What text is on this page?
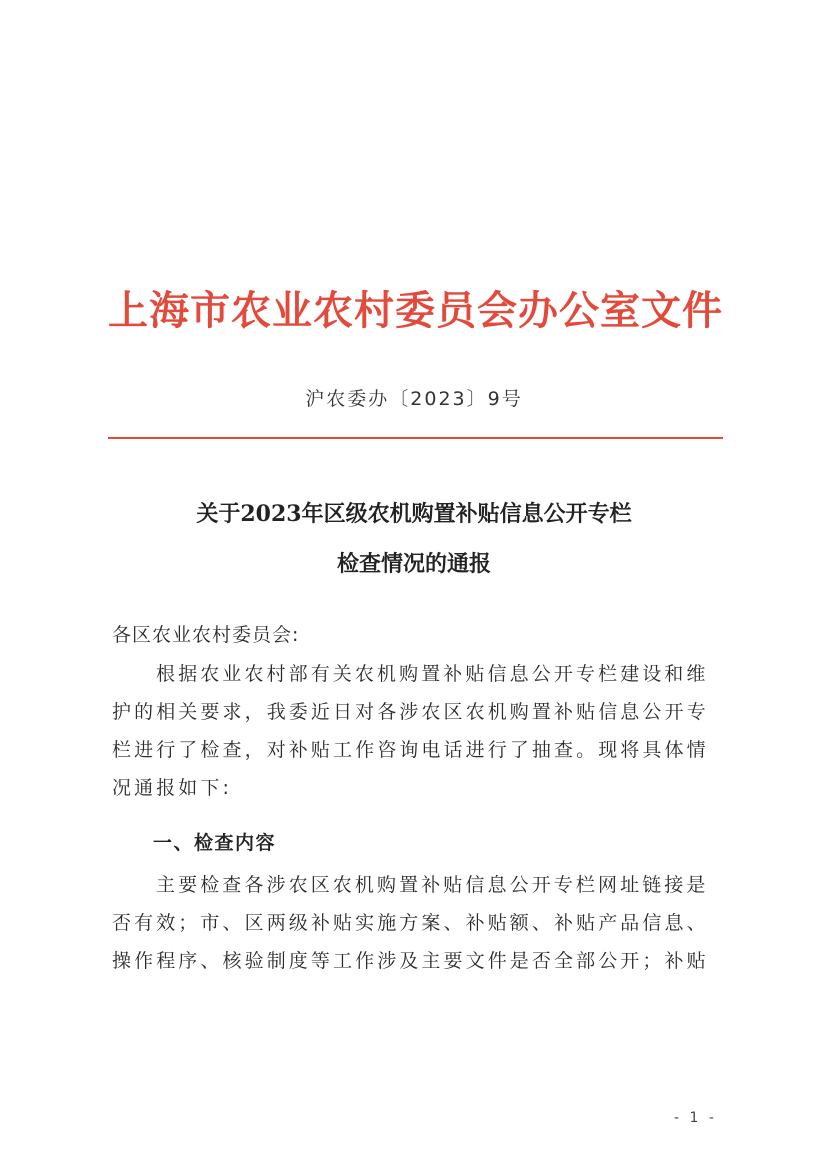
上海市农业农村委员会办公室文件
沪农委办〔2023〕9号
关于2023年区级农机购置补贴信息公开专栏
检查情况的通报
各区农业农村委员会:
根据农业农村部有关农机购置补贴信息公开专栏建设和维
护的相关要求，我委近日对各涉农区农机购置补贴信息公开专
栏进行了检查，对补贴工作咨询电话进行了抽查。现将具体情
况通报如下:
一、检查内容
主要检查各涉农区农机购置补贴信息公开专栏网址链接是
否有效；市、区两级补贴实施方案、补贴额、补贴产品信息、
操作程序、核验制度等工作涉及主要文件是否全部公开；补贴
- 1 -
